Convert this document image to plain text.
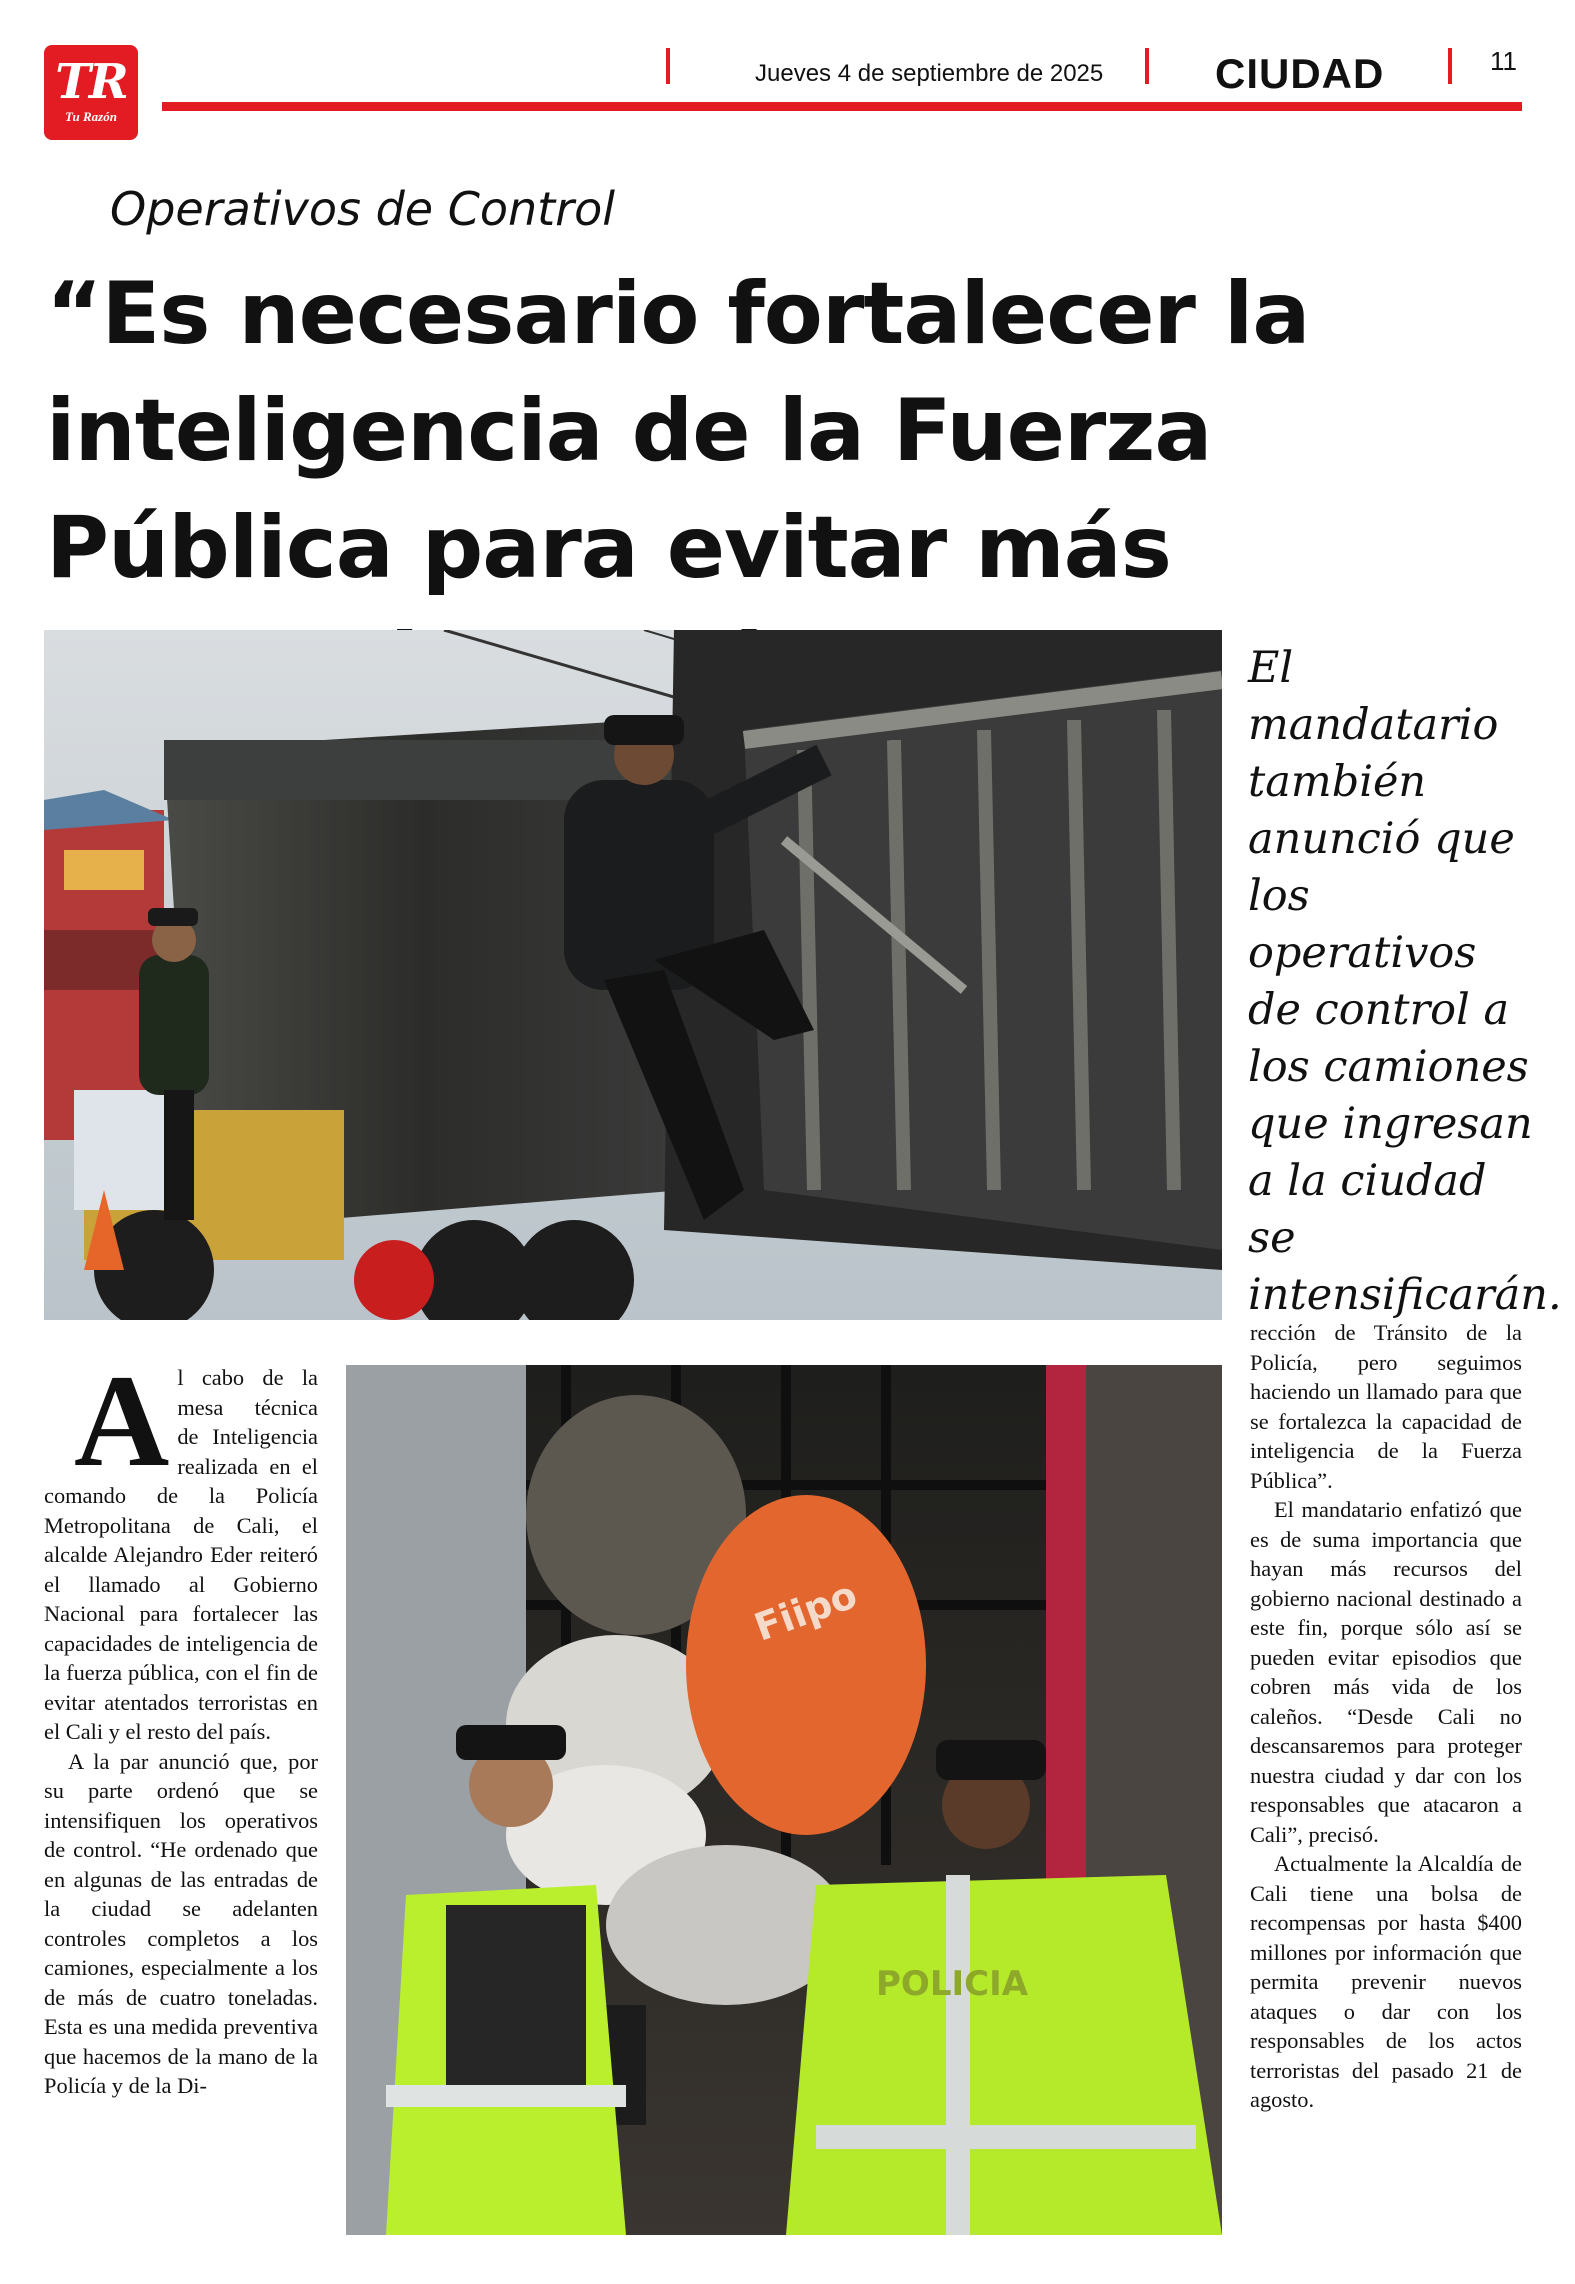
TR
Tu Razón
Jueves 4 de septiembre de 2025	CIUDAD	11
Operativos de Control
“Es necesario fortalecer la inteligencia de la Fuerza Pública para evitar más

El mandatario también anunció que los operativos de control a los camiones que ingresan a la ciudad se intensificarán.

Al cabo de la mesa técnica de Inteligencia realizada en el comando de la Policía Metropolitana de Cali, el alcalde Alejandro Eder reiteró el llamado al Gobierno Nacional para fortalecer las capacidades de inteligencia de la fuerza pública, con el fin de evitar atentados terroristas en el Cali y el resto del país.

A la par anunció que, por su parte ordenó que se intensifiquen los operativos de control. “He ordenado que en algunas de las entradas de la ciudad se adelanten controles completos a los camiones, especialmente a los de más de cuatro toneladas. Esta es una medida preventiva que hacemos de la mano de la Policía y de la Di-

Fiipo
POLICIA

rección de Tránsito de la Policía, pero seguimos haciendo un llamado para que se fortalezca la capacidad de inteligencia de la Fuerza Pública”.

El mandatario enfatizó que es de suma importancia que hayan más recursos del gobierno nacional destinado a este fin, porque sólo así se pueden evitar episodios que cobren más vida de los caleños. “Desde Cali no descansaremos para proteger nuestra ciudad y dar con los responsables que atacaron a Cali”, precisó.

Actualmente la Alcaldía de Cali tiene una bolsa de recompensas por hasta $400 millones por información que permita prevenir nuevos ataques o dar con los responsables de los actos terroristas del pasado 21 de agosto.
